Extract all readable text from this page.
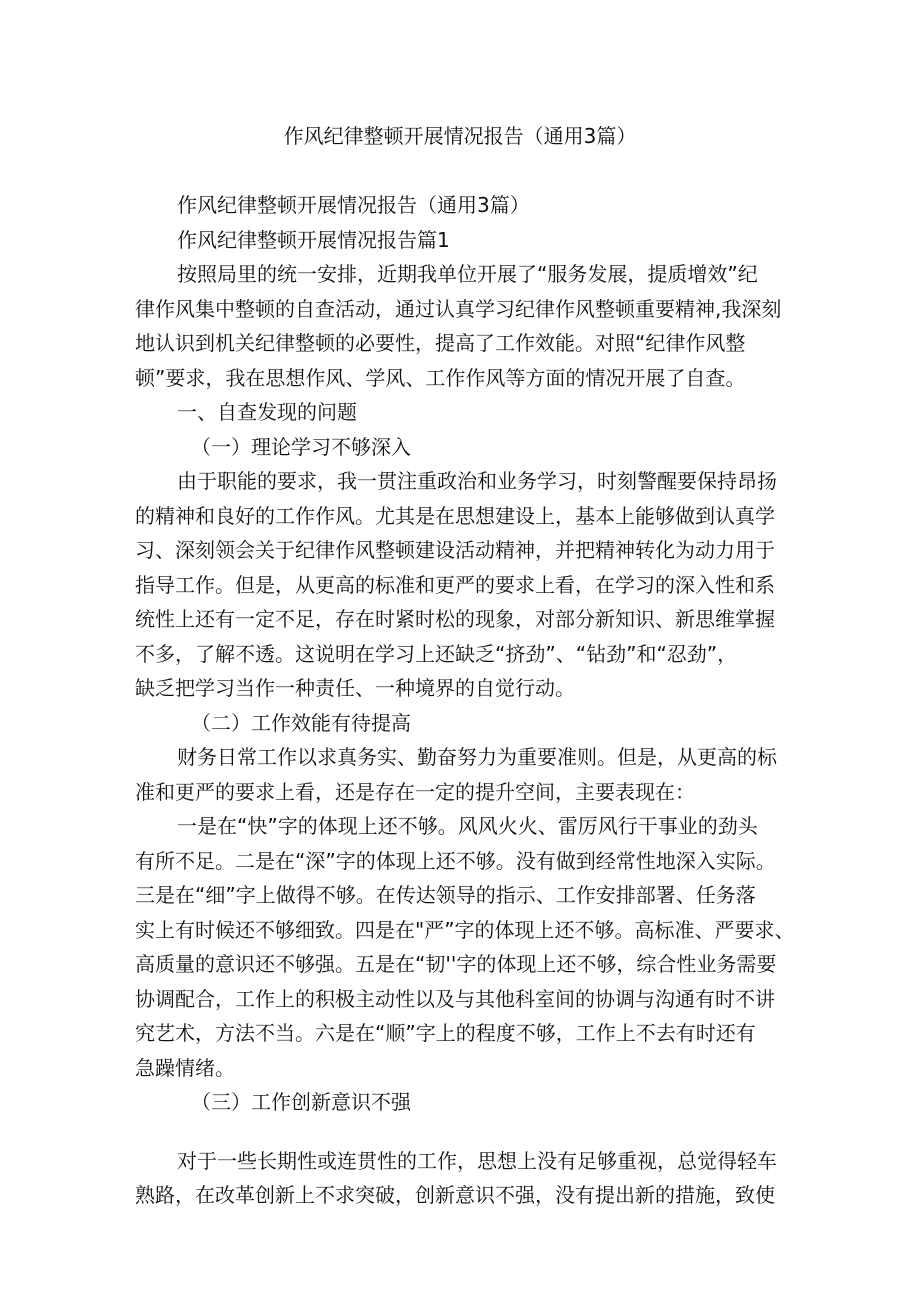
作风纪律整顿开展情况报告（通用3篇）
作风纪律整顿开展情况报告（通用3篇）
作风纪律整顿开展情况报告篇1
按照局里的统一安排，近期我单位开展了“服务发展，提质增效”纪
律作风集中整顿的自查活动，通过认真学习纪律作风整顿重要精神,我深刻
地认识到机关纪律整顿的必要性，提高了工作效能。对照“纪律作风整
顿”要求，我在思想作风、学风、工作作风等方面的情况开展了自查。
一、自查发现的问题
（一）理论学习不够深入
由于职能的要求，我一贯注重政治和业务学习，时刻警醒要保持昂扬
的精神和良好的工作作风。尤其是在思想建设上，基本上能够做到认真学
习、深刻领会关于纪律作风整顿建设活动精神，并把精神转化为动力用于
指导工作。但是，从更高的标准和更严的要求上看，在学习的深入性和系
统性上还有一定不足，存在时紧时松的现象，对部分新知识、新思维掌握
不多，了解不透。这说明在学习上还缺乏“挤劲”、“钻劲”和“忍劲”，
缺乏把学习当作一种责任、一种境界的自觉行动。
（二）工作效能有待提高
财务日常工作以求真务实、勤奋努力为重要准则。但是，从更高的标
准和更严的要求上看，还是存在一定的提升空间，主要表现在：
一是在“快”字的体现上还不够。风风火火、雷厉风行干事业的劲头
有所不足。二是在“深”字的体现上还不够。没有做到经常性地深入实际。
三是在“细”字上做得不够。在传达领导的指示、工作安排部署、任务落
实上有时候还不够细致。四是在"严”字的体现上还不够。高标准、严要求、
高质量的意识还不够强。五是在“韧''字的体现上还不够，综合性业务需要
协调配合，工作上的积极主动性以及与其他科室间的协调与沟通有时不讲
究艺术，方法不当。六是在“顺”字上的程度不够，工作上不去有时还有
急躁情绪。
（三）工作创新意识不强
对于一些长期性或连贯性的工作，思想上没有足够重视，总觉得轻车
熟路，在改革创新上不求突破，创新意识不强，没有提出新的措施，致使
